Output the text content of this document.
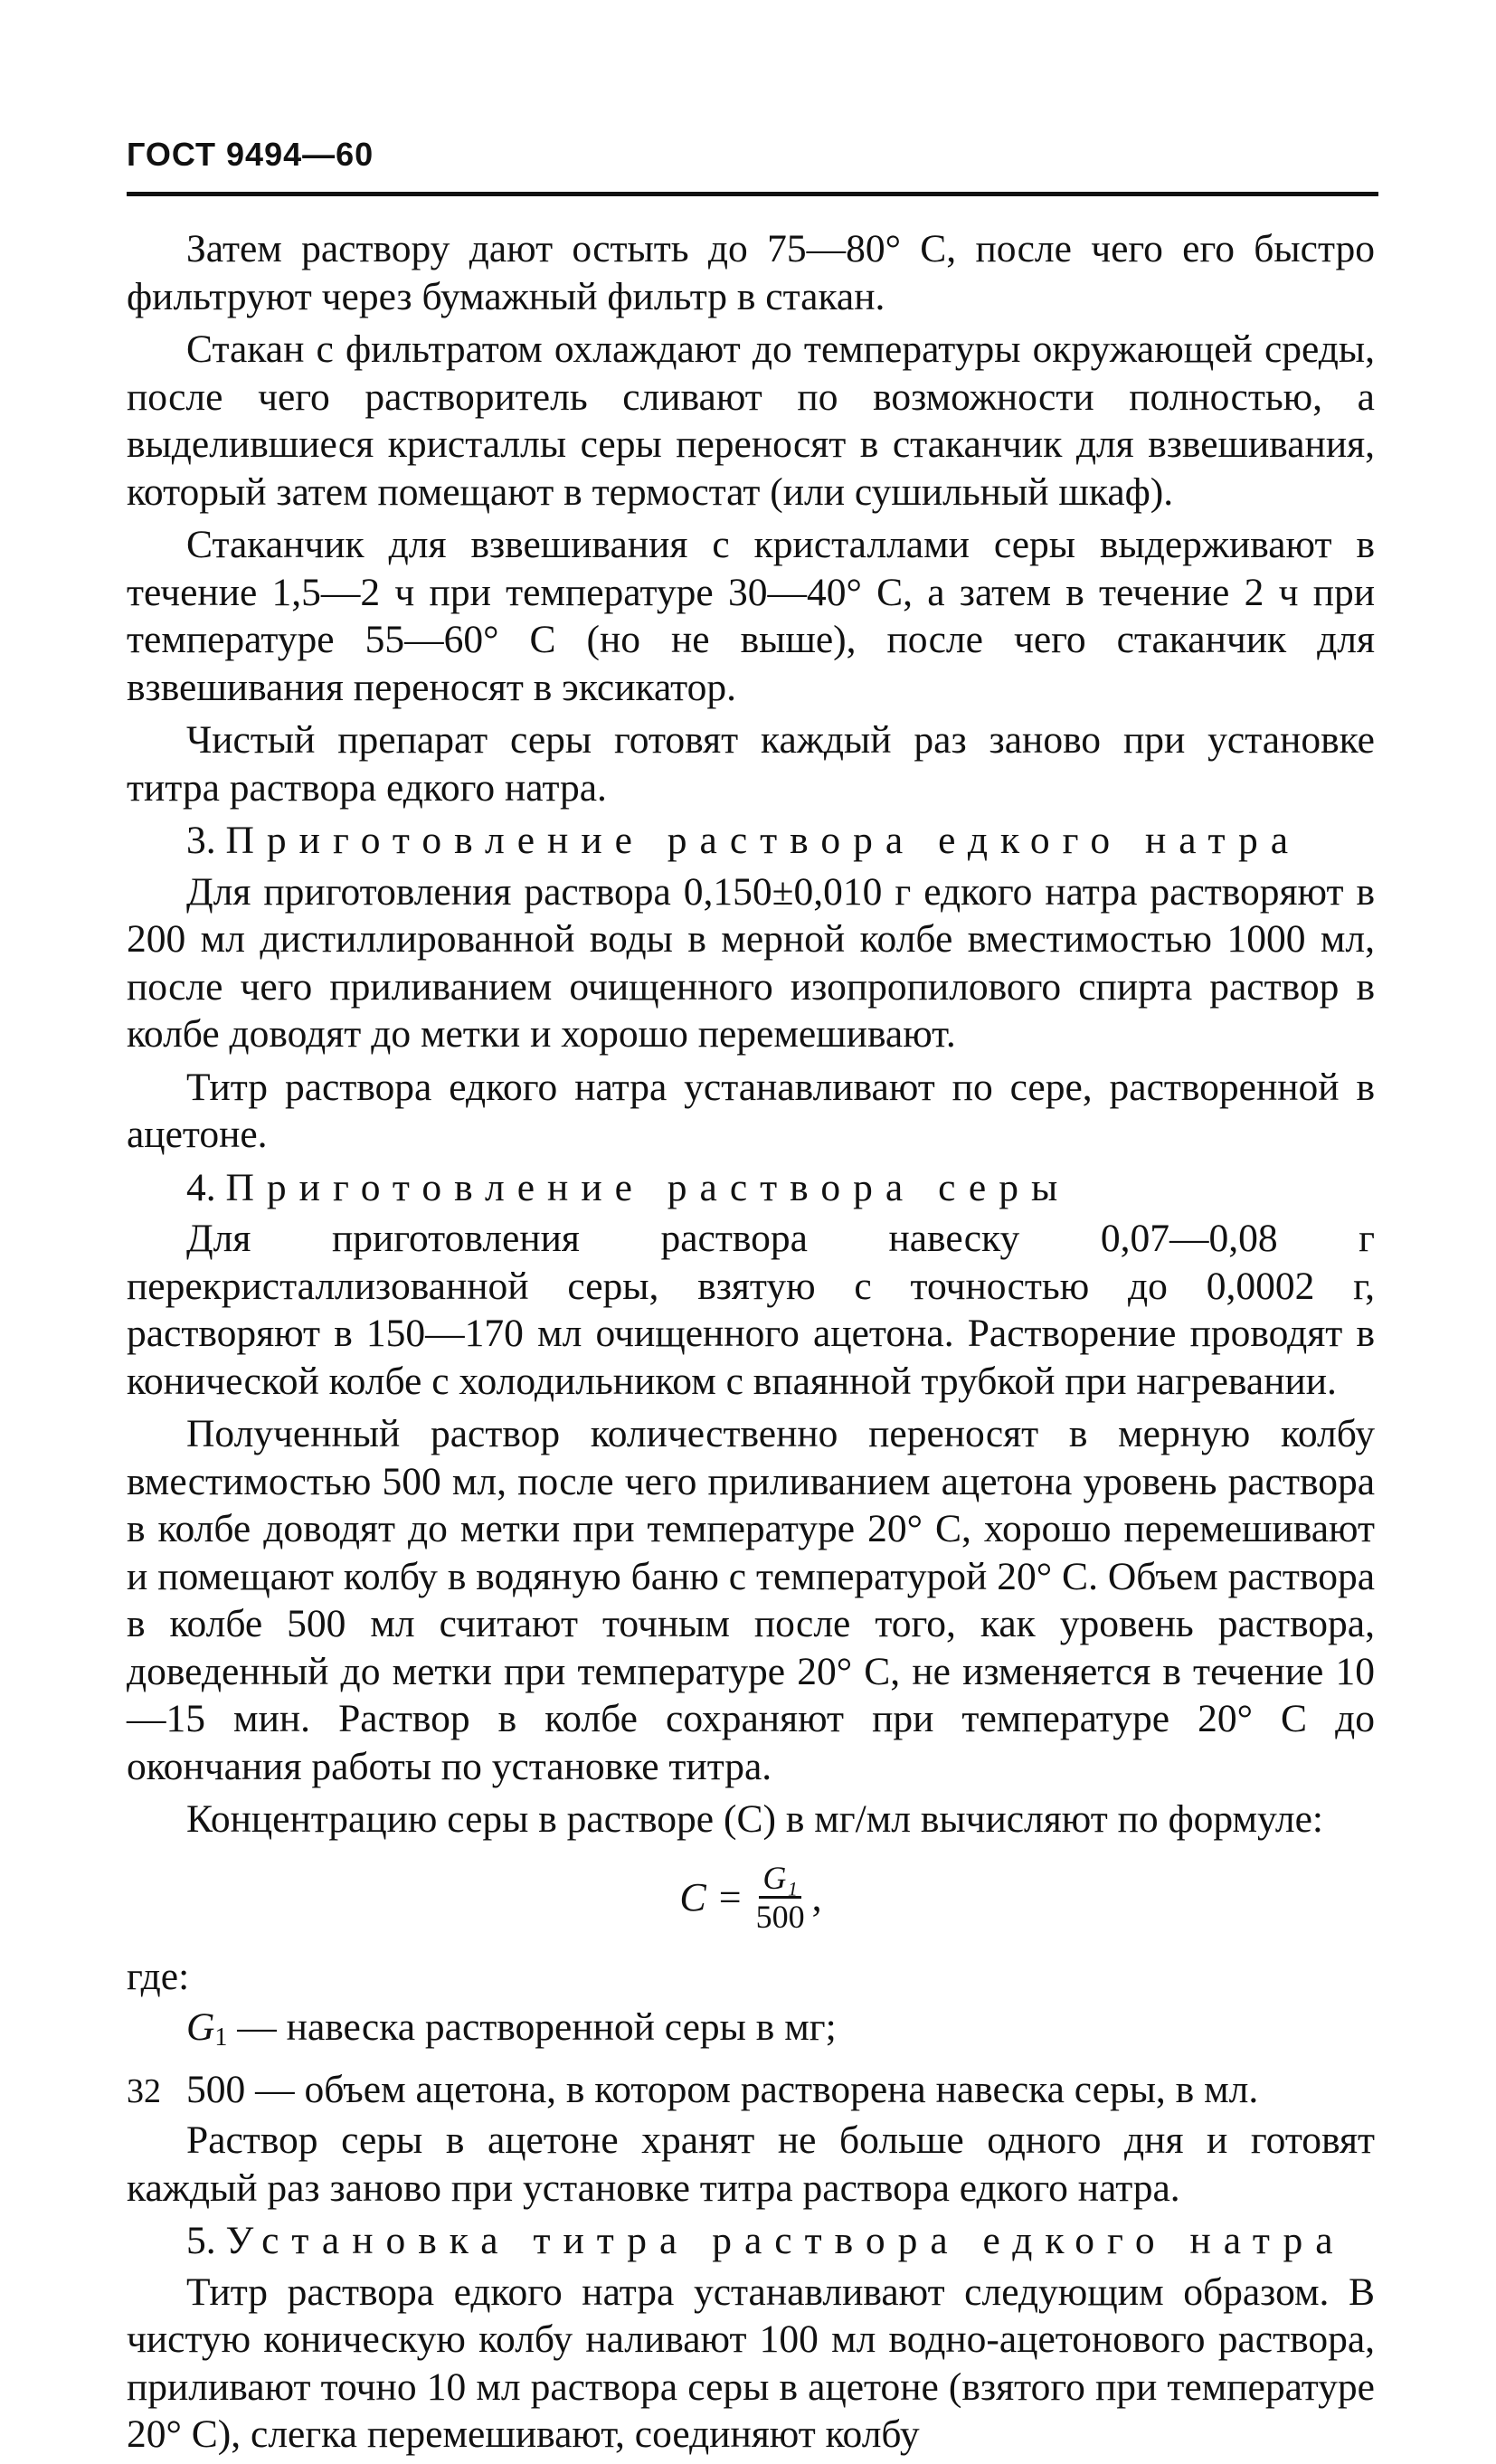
ГОСТ 9494—60

Затем раствору дают остыть до 75—80° С, после чего его быстро фильтруют через бумажный фильтр в стакан.

Стакан с фильтратом охлаждают до температуры окружающей среды, после чего растворитель сливают по возможности полностью, а выделившиеся кристаллы серы переносят в стаканчик для взвешивания, который затем помещают в термостат (или сушильный шкаф).

Стаканчик для взвешивания с кристаллами серы выдерживают в течение 1,5—2 ч при температуре 30—40° С, а затем в течение 2 ч при температуре 55—60° С (но не выше), после чего стаканчик для взвешивания переносят в эксикатор.

Чистый препарат серы готовят каждый раз заново при установке титра раствора едкого натра.

3. Приготовление раствора едкого натра

Для приготовления раствора 0,150±0,010 г едкого натра растворяют в 200 мл дистиллированной воды в мерной колбе вместимостью 1000 мл, после чего приливанием очищенного изопропилового спирта раствор в колбе доводят до метки и хорошо перемешивают.

Титр раствора едкого натра устанавливают по сере, растворенной в ацетоне.

4. Приготовление раствора серы

Для приготовления раствора навеску 0,07—0,08 г перекристаллизованной серы, взятую с точностью до 0,0002 г, растворяют в 150—170 мл очищенного ацетона. Растворение проводят в конической колбе с холодильником с впаянной трубкой при нагревании.

Полученный раствор количественно переносят в мерную колбу вместимостью 500 мл, после чего приливанием ацетона уровень раствора в колбе доводят до метки при температуре 20° С, хорошо перемешивают и помещают колбу в водяную баню с температурой 20° С. Объем раствора в колбе 500 мл считают точным после того, как уровень раствора, доведенный до метки при температуре 20° С, не изменяется в течение 10—15 мин. Раствор в колбе сохраняют при температуре 20° С до окончания работы по установке титра.

Концентрацию серы в растворе (С) в мг/мл вычисляют по формуле:

$C = \frac{\text{G₁}}{500}$ ,
где:
$G_1$ — навеска растворенной серы в мг;
500 — объем ацетона, в котором растворена навеска серы, в мл.

Раствор серы в ацетоне хранят не больше одного дня и готовят каждый раз заново при установке титра раствора едкого натра.

5. Установка титра раствора едкого натра

Титр раствора едкого натра устанавливают следующим образом. В чистую коническую колбу наливают 100 мл водно-ацетонового раствора, приливают точно 10 мл раствора серы в ацетоне (взятого при температуре 20° С), слегка перемешивают, соединяют колбу

32
